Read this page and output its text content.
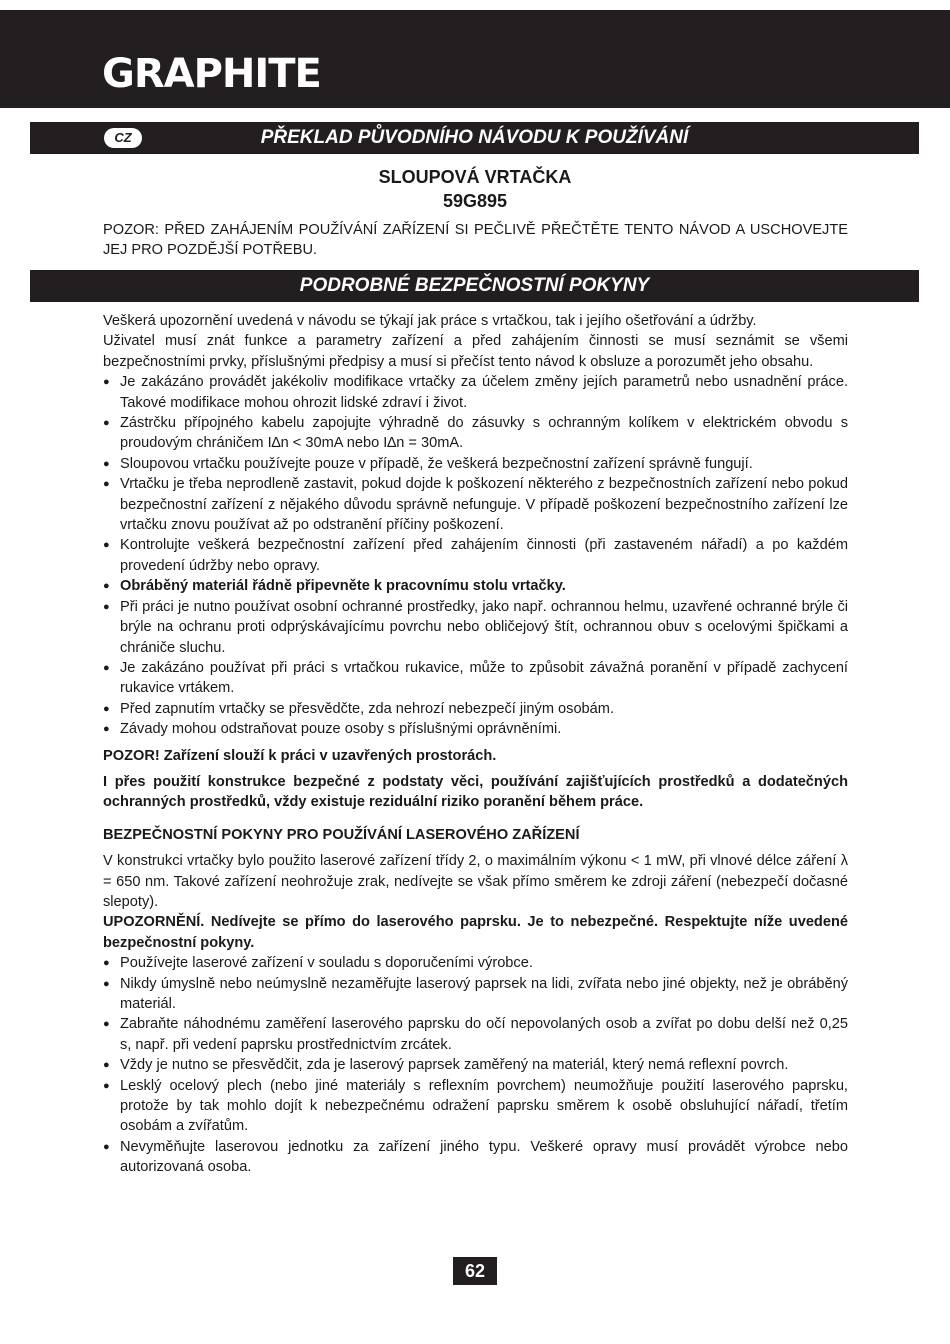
GRAPHITE
CZ	PŘEKLAD PŮVODNÍHO NÁVODU K POUŽÍVÁNÍ
SLOUPOVÁ VRTAČKA
59G895

POZOR: PŘED ZAHÁJENÍM POUŽÍVÁNÍ ZAŘÍZENÍ SI PEČLIVĚ PŘEČTĚTE TENTO NÁVOD A USCHOVEJTE JEJ PRO POZDĚJŠÍ POTŘEBU.

PODROBNÉ BEZPEČNOSTNÍ POKYNY

Veškerá upozornění uvedená v návodu se týkají jak práce s vrtačkou, tak i jejího ošetřování a údržby.

Uživatel musí znát funkce a parametry zařízení a před zahájením činnosti se musí seznámit se všemi bezpečnostními prvky, příslušnými předpisy a musí si přečíst tento návod k obsluze a porozumět jeho obsahu.

● Je zakázáno provádět jakékoliv modifikace vrtačky za účelem změny jejích parametrů nebo usnadnění práce. Takové modifikace mohou ohrozit lidské zdraví i život.
● Zástrčku přípojného kabelu zapojujte výhradně do zásuvky s ochranným kolíkem v elektrickém obvodu s proudovým chráničem I∆n < 30mA nebo I∆n = 30mA.
● Sloupovou vrtačku používejte pouze v případě, že veškerá bezpečnostní zařízení správně fungují.
● Vrtačku je třeba neprodleně zastavit, pokud dojde k poškození některého z bezpečnostních zařízení nebo pokud bezpečnostní zařízení z nějakého důvodu správně nefunguje. V případě poškození bezpečnostního zařízení lze vrtačku znovu používat až po odstranění příčiny poškození.
● Kontrolujte veškerá bezpečnostní zařízení před zahájením činnosti (při zastaveném nářadí) a po každém provedení údržby nebo opravy.
● Obráběný materiál řádně připevněte k pracovnímu stolu vrtačky.
● Při práci je nutno používat osobní ochranné prostředky, jako např. ochrannou helmu, uzavřené ochranné brýle či brýle na ochranu proti odprýskávajícímu povrchu nebo obličejový štít, ochrannou obuv s ocelovými špičkami a chrániče sluchu.
● Je zakázáno používat při práci s vrtačkou rukavice, může to způsobit závažná poranění v případě zachycení rukavice vrtákem.
● Před zapnutím vrtačky se přesvědčte, zda nehrozí nebezpečí jiným osobám.
● Závady mohou odstraňovat pouze osoby s příslušnými oprávněními.

POZOR! Zařízení slouží k práci v uzavřených prostorách.

I přes použití konstrukce bezpečné z podstaty věci, používání zajišťujících prostředků a dodatečných ochranných prostředků, vždy existuje reziduální riziko poranění během práce.

BEZPEČNOSTNÍ POKYNY PRO POUŽÍVÁNÍ LASEROVÉHO ZAŘÍZENÍ

V konstrukci vrtačky bylo použito laserové zařízení třídy 2, o maximálním výkonu < 1 mW, při vlnové délce záření λ = 650 nm. Takové zařízení neohrožuje zrak, nedívejte se však přímo směrem ke zdroji záření (nebezpečí dočasné slepoty).

UPOZORNĚNÍ. Nedívejte se přímo do laserového paprsku. Je to nebezpečné. Respektujte níže uvedené bezpečnostní pokyny.

● Používejte laserové zařízení v souladu s doporučeními výrobce.
● Nikdy úmyslně nebo neúmyslně nezaměřujte laserový paprsek na lidi, zvířata nebo jiné objekty, než je obráběný materiál.
● Zabraňte náhodnému zaměření laserového paprsku do očí nepovolaných osob a zvířat po dobu delší než 0,25 s, např. při vedení paprsku prostřednictvím zrcátek.
● Vždy je nutno se přesvědčit, zda je laserový paprsek zaměřený na materiál, který nemá reflexní povrch.
● Lesklý ocelový plech (nebo jiné materiály s reflexním povrchem) neumožňuje použití laserového paprsku, protože by tak mohlo dojít k nebezpečnému odražení paprsku směrem k osobě obsluhující nářadí, třetím osobám a zvířatům.
● Nevyměňujte laserovou jednotku za zařízení jiného typu. Veškeré opravy musí provádět výrobce nebo autorizovaná osoba.
62
